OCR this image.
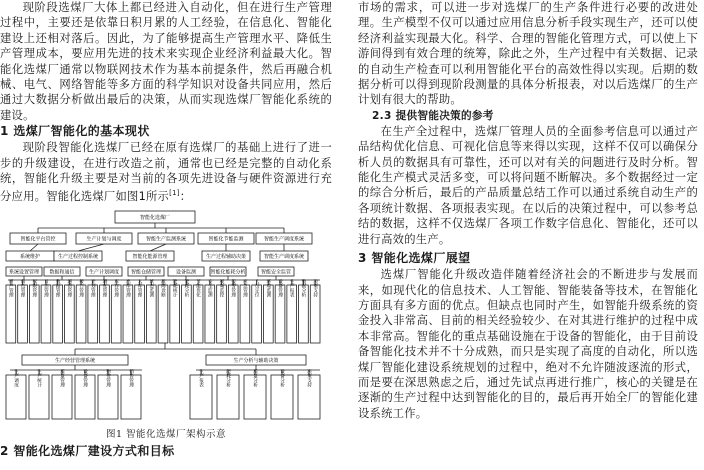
现阶段选煤厂大体上都已经进入自动化，但在进行生产管理过程中，主要还是依靠日积月累的人工经验，在信息化、智能化建设上还相对落后。因此，为了能够提高生产管理水平、降低生产管理成本，要应用先进的技术来实现企业经济利益最大化。智能化选煤厂通常以物联网技术作为基本前提条件，然后再融合机械、电气、网络智能等多方面的科学知识对设备共同应用，然后通过大数据分析做出最后的决策，从而实现选煤厂智能化系统的建设。

1 选煤厂智能化的基本现状

现阶段智能化选煤厂已经在原有选煤厂的基础上进行了进一步的升级建设，在进行改造之前，通常也已经是完整的自动化系统，智能化升级主要是对当前的各项先进设备与硬件资源进行充分应用。智能化选煤厂如图1所示[1]：

智能化选煤厂
智能化平台管控	生产计划与调度	智能生产监测系统	智能化节能监测	智能生产调度系统
系统维护	生产过程控制系统	智能化能源管理	生产过程辅助决策	智能生产调度系统
系统设置管理 数据和通信	生产计划调度 智能仓储管理	设备监测	智能化能耗分析	智能安全监管
用户管理 角色管理 权限管理 日志管理 数据管理 通信管理 接口管理 计划管理 调度管理 库存管理 出库管理 入库管理 状态监测 故障诊断 能耗统计 能耗分析 节能优化 安全监测 视频监控 报警管理 应急管理 人员定位 环境监测 设备管理 生产报表 数据分析 决策支持
生产经营管理系统	生产分析与辅助决策
生产调度	生产统计	质量管理	设备管理	物资管理	销售管理	生产报表	能耗分析	质量分析	设备分析	决策支持
图1 智能化选煤厂架构示意
2 智能化选煤厂建设方式和目标

市场的需求，可以进一步对选煤厂的生产条件进行必要的改进处理。生产模型不仅可以通过应用信息分析手段实现生产，还可以使经济利益实现最大化。科学、合理的智能化管理方式，可以使上下游间得到有效合理的统筹，除此之外，生产过程中有关数据、记录的自动生产检查可以利用智能化平台的高效性得以实现。后期的数据分析可以得到现阶段测量的具体分析报表，对以后选煤厂的生产计划有很大的帮助。

2.3 提供智能决策的参考

在生产全过程中，选煤厂管理人员的全面参考信息可以通过产品结构优化信息、可视化信息等来得以实现，这样不仅可以确保分析人员的数据具有可靠性，还可以对有关的问题进行及时分析。智能化生产模式灵活多变，可以将问题不断解决。多个数据经过一定的综合分析后，最后的产品质量总结工作可以通过系统自动生产的各项统计数据、各项报表实现。在以后的决策过程中，可以参考总结的数据，这样不仅选煤厂各项工作数字信息化、智能化，还可以进行高效的生产。

3 智能化选煤厂展望

选煤厂智能化升级改造伴随着经济社会的不断进步与发展而来，如现代化的信息技术、人工智能、智能装备等技术，在智能化方面具有多方面的优点。但缺点也同时产生，如智能升级系统的资金投入非常高、目前的相关经验较少、在对其进行维护的过程中成本非常高。智能化的重点基础设施在于设备的智能化，由于目前设备智能化技术并不十分成熟，而只是实现了高度的自动化，所以选煤厂智能化建设系统规划的过程中，绝对不允许随波逐流的形式，而是要在深思熟虑之后，通过先试点再进行推广，核心的关键是在逐渐的生产过程中达到智能化的目的，最后再开始全厂的智能化建设系统工作。
